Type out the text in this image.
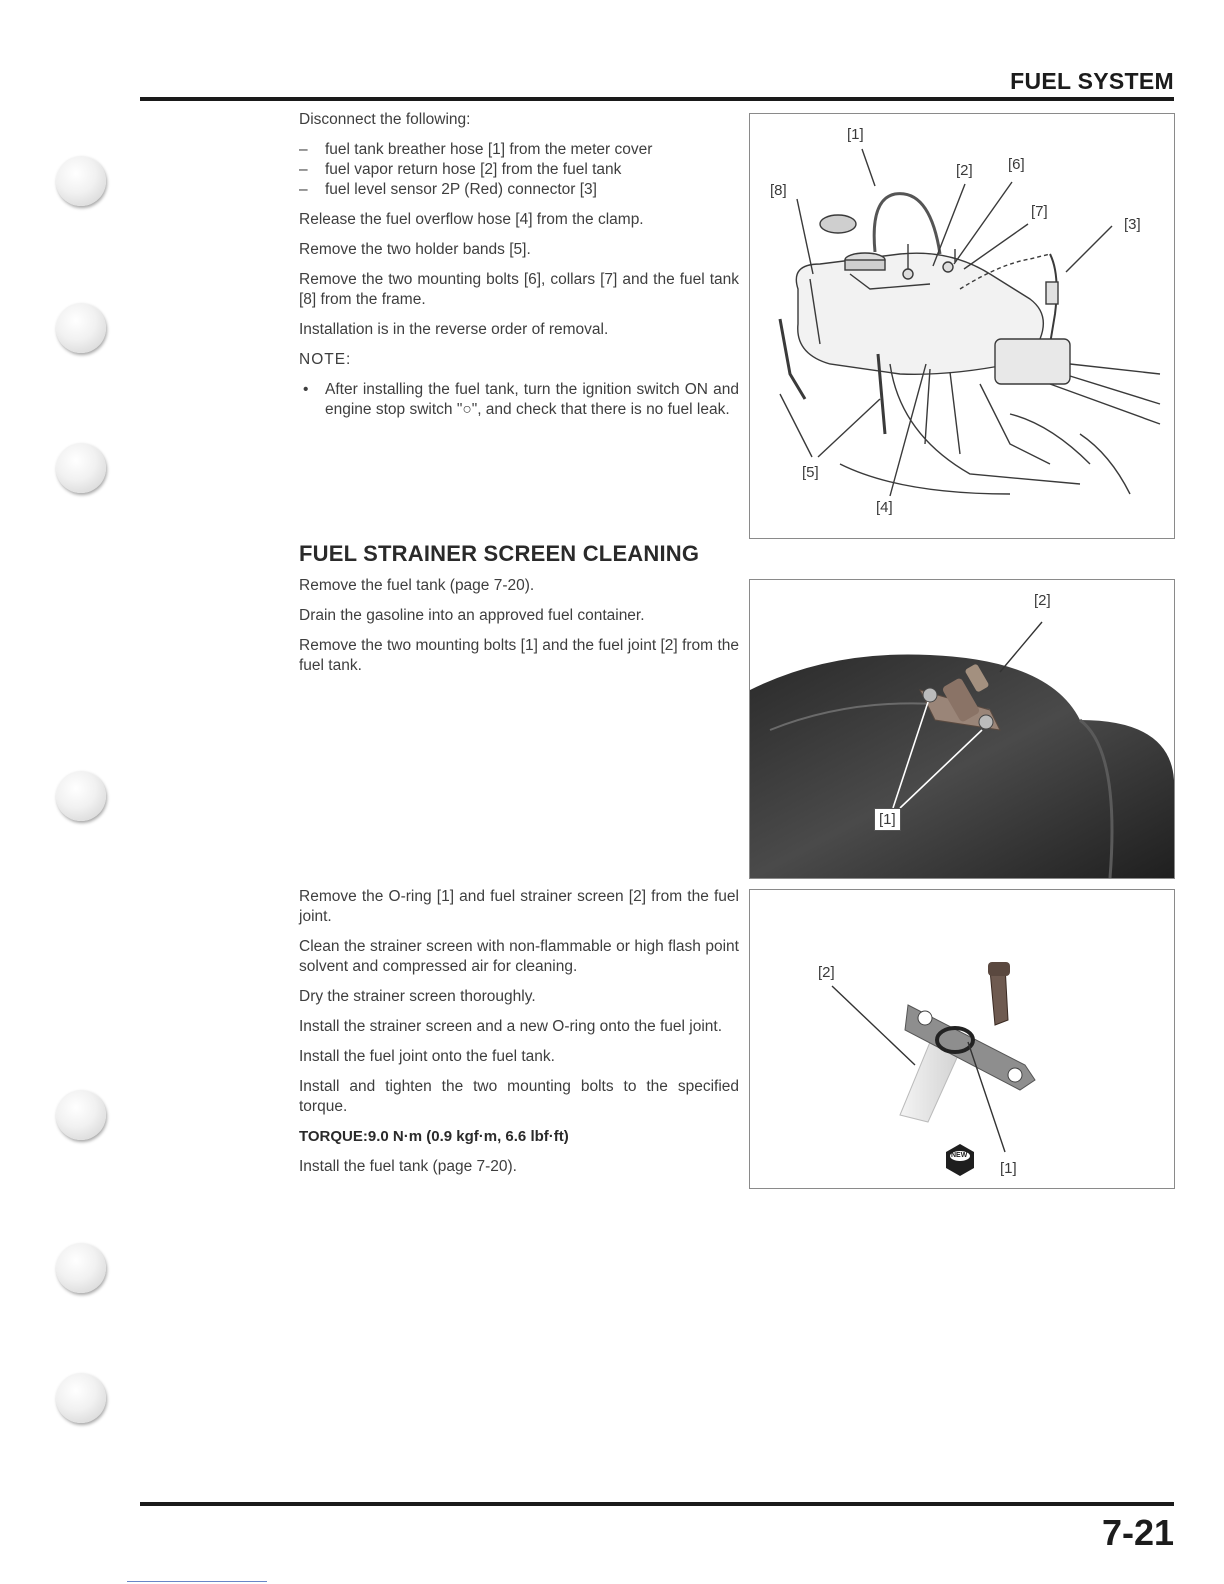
FUEL SYSTEM

Disconnect the following:

– fuel tank breather hose [1] from the meter cover
– fuel vapor return hose [2] from the fuel tank
– fuel level sensor 2P (Red) connector [3]

Release the fuel overflow hose [4] from the clamp.

Remove the two holder bands [5].

Remove the two mounting bolts [6], collars [7] and the fuel tank [8] from the frame.

Installation is in the reverse order of removal.

NOTE:

• After installing the fuel tank, turn the ignition switch ON and engine stop switch "○", and check that there is no fuel leak.
[1]
[2] [6]
[8]
[7]
[3]
[5]
[4]
FUEL STRAINER SCREEN CLEANING

Remove the fuel tank (page 7-20).

Drain the gasoline into an approved fuel container.

Remove the two mounting bolts [1] and the fuel joint [2] from the fuel tank.

[2]
[1]

Remove the O-ring [1] and fuel strainer screen [2] from the fuel joint.

Clean the strainer screen with non-flammable or high flash point solvent and compressed air for cleaning.

Dry the strainer screen thoroughly.

Install the strainer screen and a new O-ring onto the fuel joint.

Install the fuel joint onto the fuel tank.

Install and tighten the two mounting bolts to the specified torque.

TORQUE:9.0 N·m (0.9 kgf·m, 6.6 lbf·ft)

Install the fuel tank (page 7-20).

[2]
[1]
NEW
7-21
